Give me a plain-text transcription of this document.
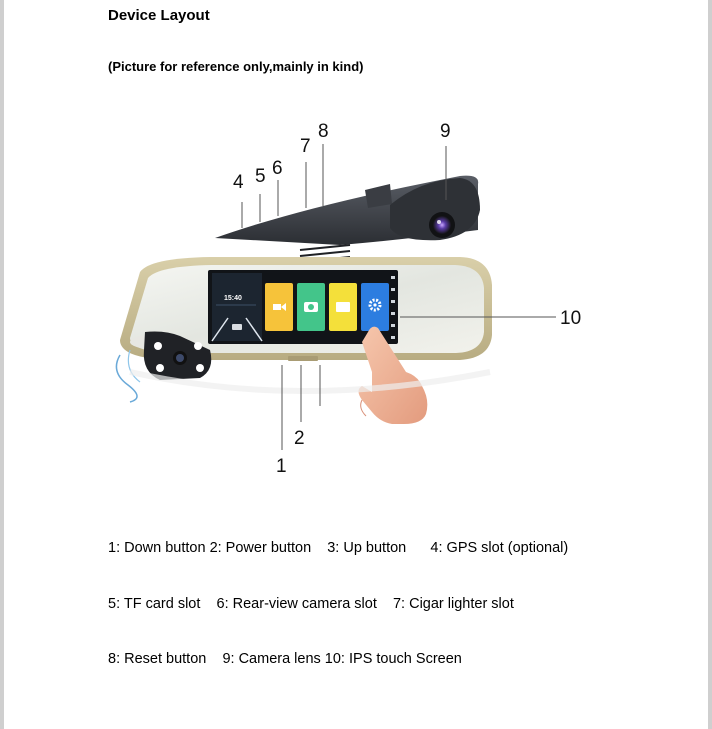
Device Layout
(Picture for reference only,mainly in kind)
15:40
1
2
4 5 6
7
8	9
10

1: Down button 2: Power button    3: Up button      4: GPS slot (optional)

5: TF card slot    6: Rear-view camera slot    7: Cigar lighter slot

8: Reset button    9: Camera lens 10: IPS touch Screen
